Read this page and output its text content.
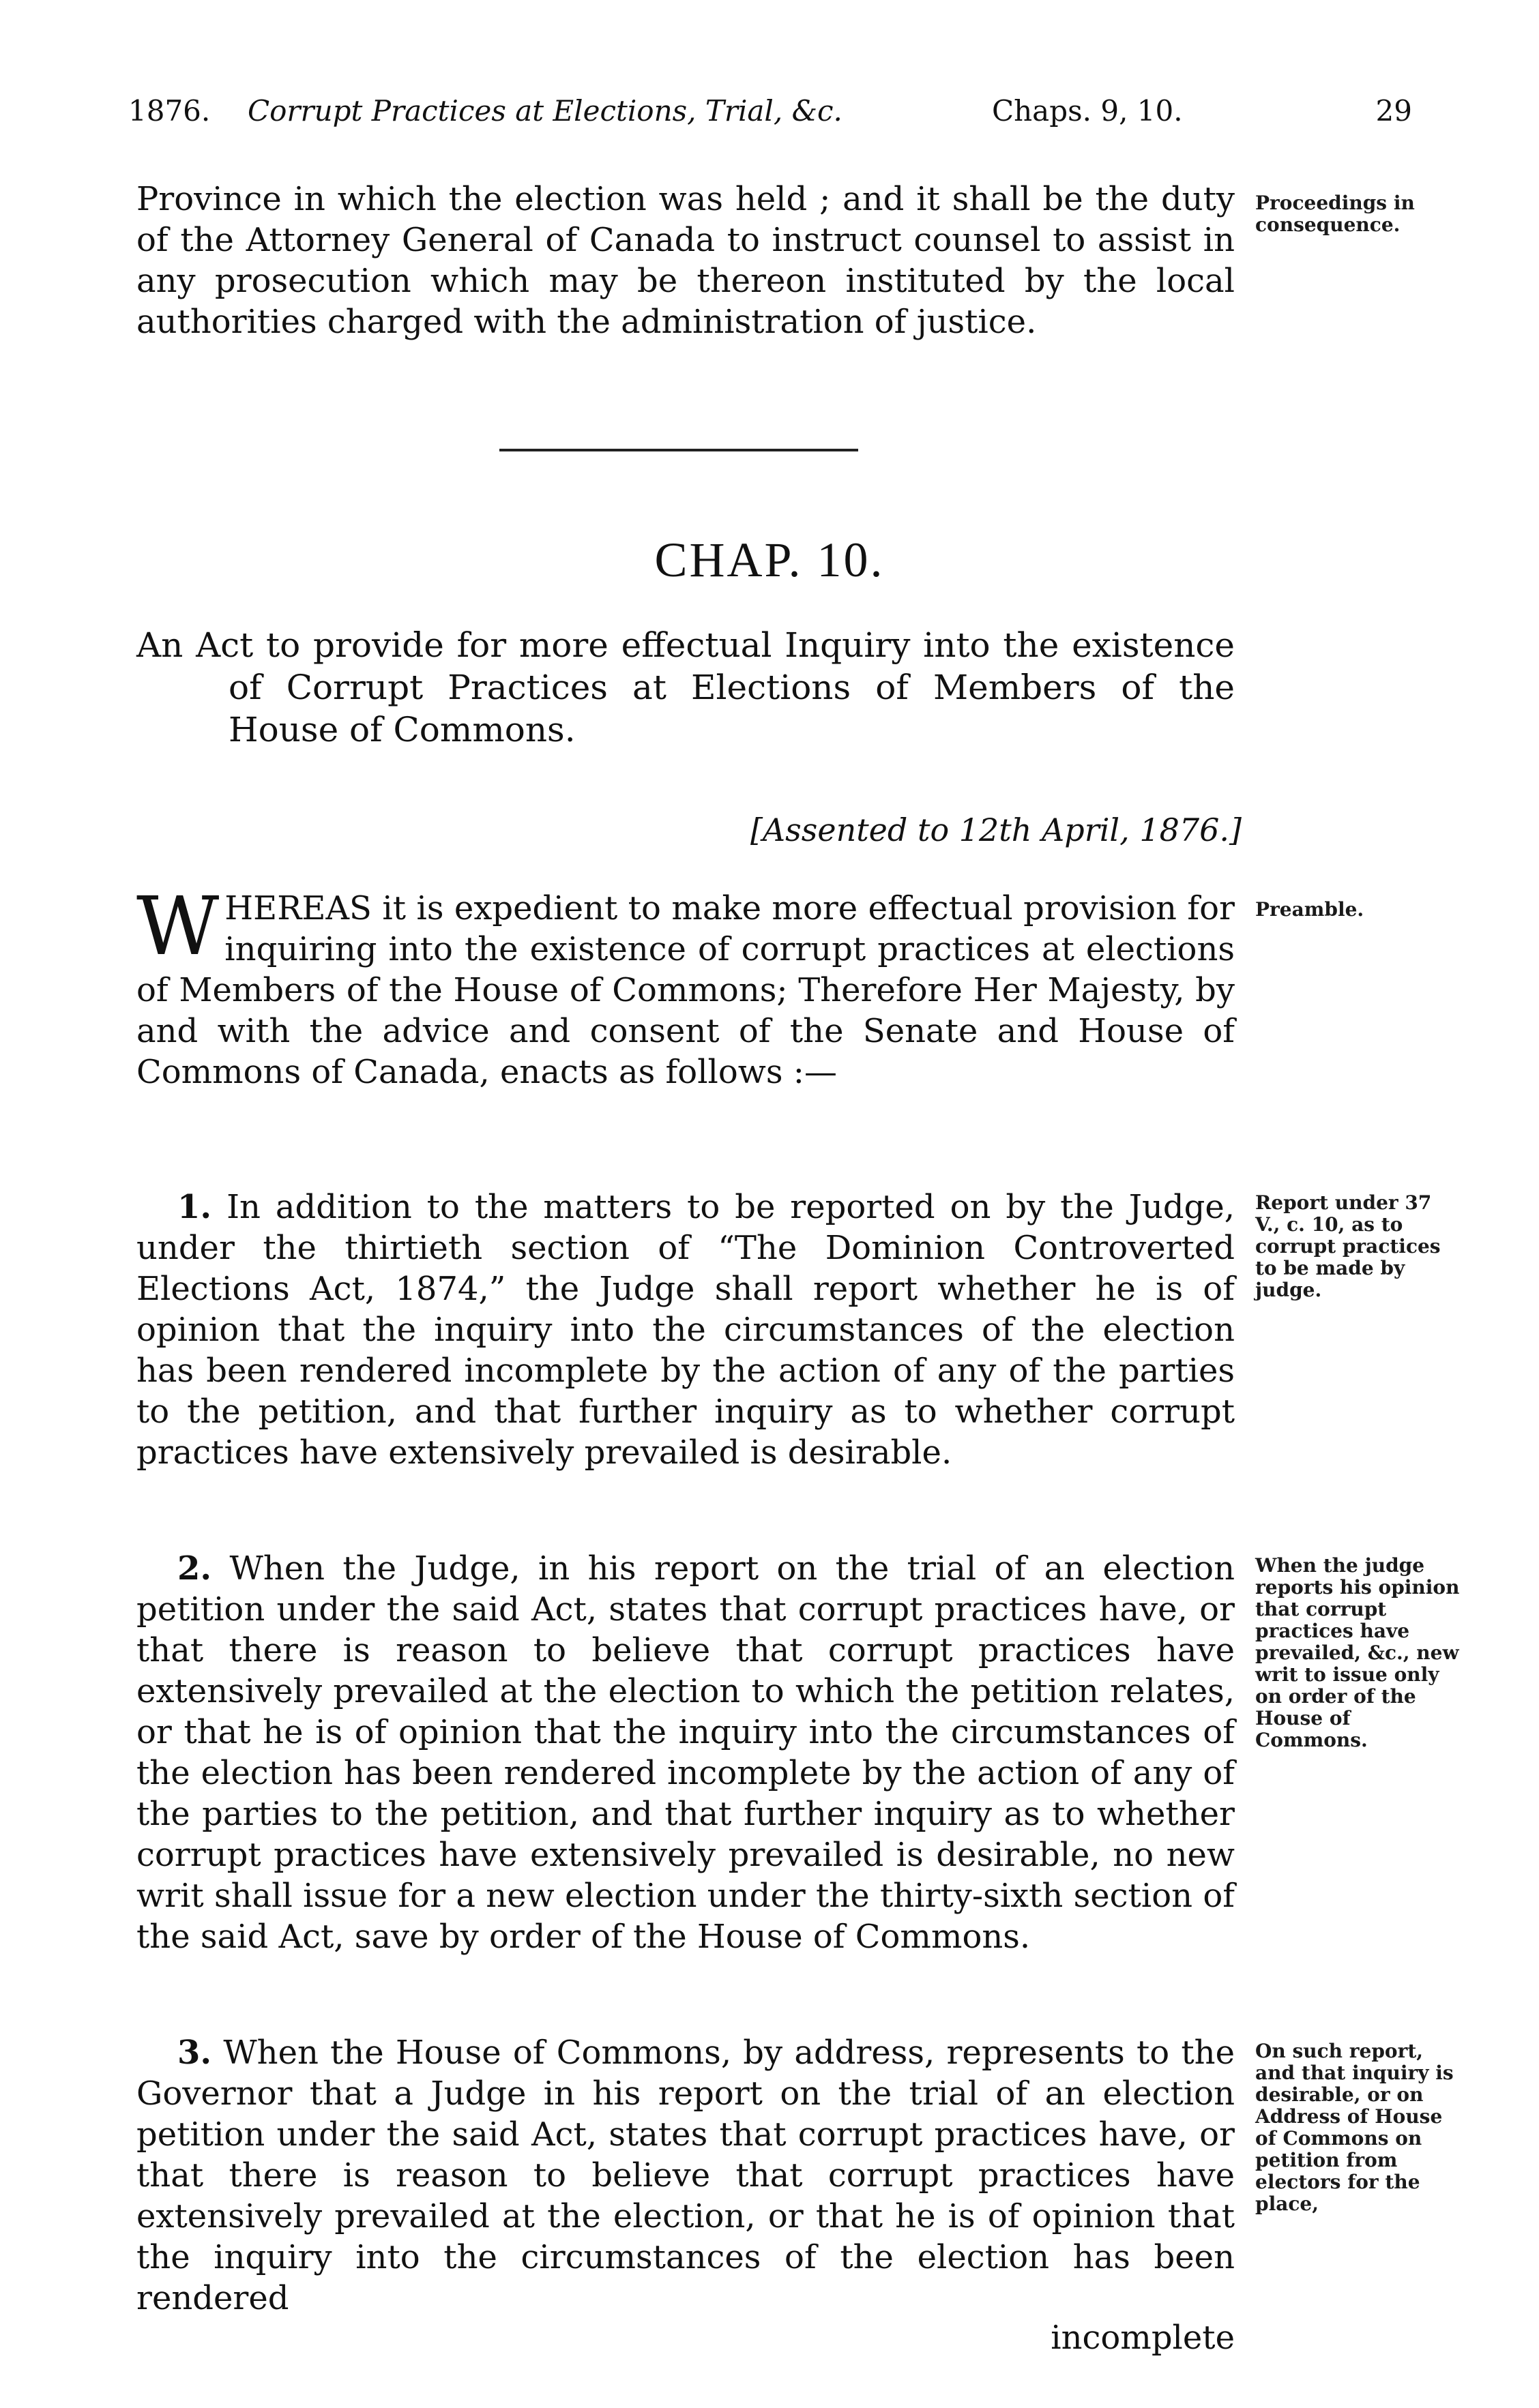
1876. Corrupt Practices at Elections, Trial, &c.	Chaps. 9, 10.	29

Province in which the election was held ; and it shall be the duty of the Attorney General of Canada to instruct counsel to assist in any prosecution which may be thereon instituted by the local authorities charged with the administration of justice.

Proceedings in consequence.
CHAP. 10.

An Act to provide for more effectual Inquiry into the existence of Corrupt Practices at Elections of Members of the House of Commons.

[Assented to 12th April, 1876.]

WHEREAS it is expedient to make more effectual provision for inquiring into the existence of corrupt practices at elections of Members of the House of Commons; Therefore Her Majesty, by and with the advice and consent of the Senate and House of Commons of Canada, enacts as follows :—

Preamble.

1. In addition to the matters to be reported on by the Judge, under the thirtieth section of “The Dominion Controverted Elections Act, 1874,” the Judge shall report whether he is of opinion that the inquiry into the circumstances of the election has been rendered incomplete by the action of any of the parties to the petition, and that further inquiry as to whether corrupt practices have extensively prevailed is desirable.

Report under 37 V., c. 10, as to corrupt practices to be made by judge.

2. When the Judge, in his report on the trial of an election petition under the said Act, states that corrupt practices have, or that there is reason to believe that corrupt practices have extensively prevailed at the election to which the petition relates, or that he is of opinion that the inquiry into the circumstances of the election has been rendered incomplete by the action of any of the parties to the petition, and that further inquiry as to whether corrupt practices have extensively prevailed is desirable, no new writ shall issue for a new election under the thirty-sixth section of the said Act, save by order of the House of Commons.

When the judge reports his opinion that corrupt practices have prevailed, &c., new writ to issue only on order of the House of Commons.

3. When the House of Commons, by address, represents to the Governor that a Judge in his report on the trial of an election petition under the said Act, states that corrupt practices have, or that there is reason to believe that corrupt practices have extensively prevailed at the election, or that he is of opinion that the inquiry into the circumstances of the election has been rendered

incomplete
On such report, and that inquiry is desirable, or on Address of House of Commons on petition from electors for the place,
